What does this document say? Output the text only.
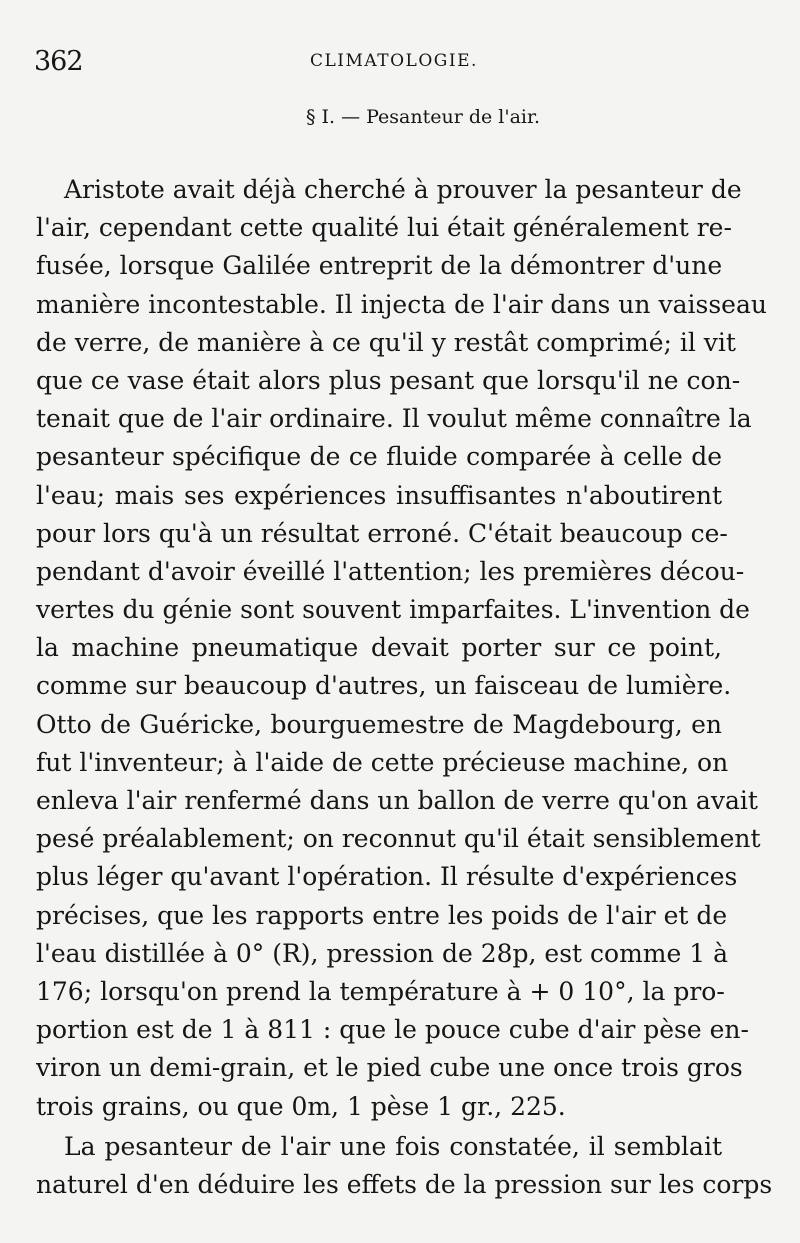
362	CLIMATOLOGIE.
§ I. — Pesanteur de l'air.
Aristote avait déjà cherché à prouver la pesanteur de
l'air, cependant cette qualité lui était généralement re-
fusée, lorsque Galilée entreprit de la démontrer d'une
manière incontestable. Il injecta de l'air dans un vaisseau
de verre, de manière à ce qu'il y restât comprimé; il vit
que ce vase était alors plus pesant que lorsqu'il ne con-
tenait que de l'air ordinaire. Il voulut même connaître la
pesanteur spécifique de ce fluide comparée à celle de
l'eau; mais ses expériences insuffisantes n'aboutirent
pour lors qu'à un résultat erroné. C'était beaucoup ce-
pendant d'avoir éveillé l'attention; les premières décou-
vertes du génie sont souvent imparfaites. L'invention de
la machine pneumatique devait porter sur ce point,
comme sur beaucoup d'autres, un faisceau de lumière.
Otto de Guéricke, bourguemestre de Magdebourg, en
fut l'inventeur; à l'aide de cette précieuse machine, on
enleva l'air renfermé dans un ballon de verre qu'on avait
pesé préalablement; on reconnut qu'il était sensiblement
plus léger qu'avant l'opération. Il résulte d'expériences
précises, que les rapports entre les poids de l'air et de
l'eau distillée à 0° (R), pression de 28p, est comme 1 à
176; lorsqu'on prend la température à + 0 10°, la pro-
portion est de 1 à 811 : que le pouce cube d'air pèse en-
viron un demi-grain, et le pied cube une once trois gros
trois grains, ou que 0m, 1 pèse 1 gr., 225.
La pesanteur de l'air une fois constatée, il semblait
naturel d'en déduire les effets de la pression sur les corps
